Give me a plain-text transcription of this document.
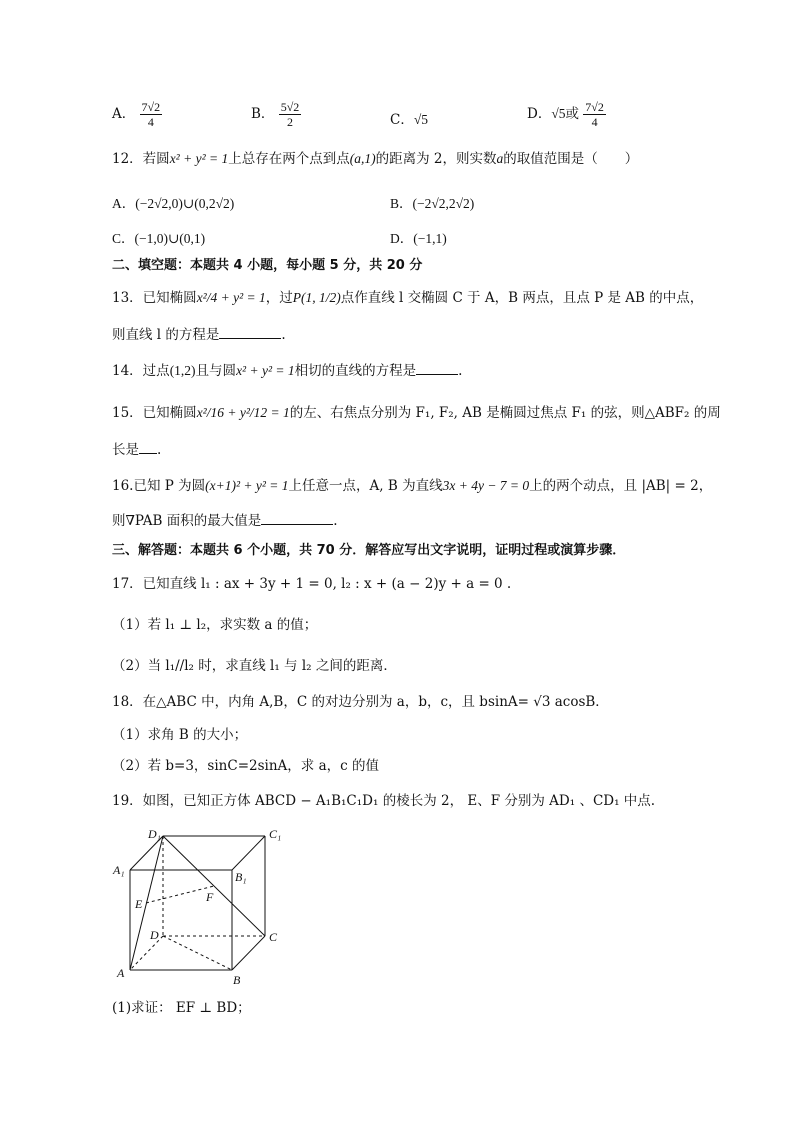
A． $\frac{7√2}{4}$	B． $\frac{5√2}{2}$	C．√5	D．√5或 $\frac{7√2}{4}$
12．若圆x² + y² = 1上总存在两个点到点(a,1)的距离为 2，则实数a的取值范围是（　　）
A．(−2√2,0)∪(0,2√2)	B．(−2√2,2√2)
C．(−1,0)∪(0,1)	D．(−1,1)
二、填空题：本题共 4 小题，每小题 5 分，共 20 分
13．已知椭圆x²/4 + y² = 1，过P(1, 1/2)点作直线 l 交椭圆 C 于 A，B 两点，且点 P 是 AB 的中点，
则直线 l 的方程是	.
14．过点(1,2)且与圆x² + y² = 1相切的直线的方程是	.
15．已知椭圆x²/16 + y²/12 = 1的左、右焦点分别为 F₁, F₂, AB 是椭圆过焦点 F₁ 的弦，则△ABF₂ 的周
长是 .
16.已知 P 为圆(x+1)² + y² = 1上任意一点，A, B 为直线3x + 4y − 7 = 0上的两个动点，且 |AB| = 2，
则∇PAB 面积的最大值是	.
三、解答题：本题共 6 个小题，共 70 分．解答应写出文字说明，证明过程或演算步骤．
17．已知直线 l₁ : ax + 3y + 1 = 0, l₂ : x + (a − 2)y + a = 0 .
（1）若 l₁ ⊥ l₂，求实数 a 的值；
（2）当 l₁//l₂ 时，求直线 l₁ 与 l₂ 之间的距离．
18．在△ABC 中，内角 A,B，C 的对边分别为 a，b，c，且 bsinA= √3 acosB．
（1）求角 B 的大小；
（2）若 b=3，sinC=2sinA，求 a，c 的值
19．如图，已知正方体 ABCD − A₁B₁C₁D₁ 的棱长为 2， E、F 分别为 AD₁ 、CD₁ 中点.
D₁	C₁
A₁	B₁
E	F
D	C
A	B
(1)求证： EF ⊥ BD；
